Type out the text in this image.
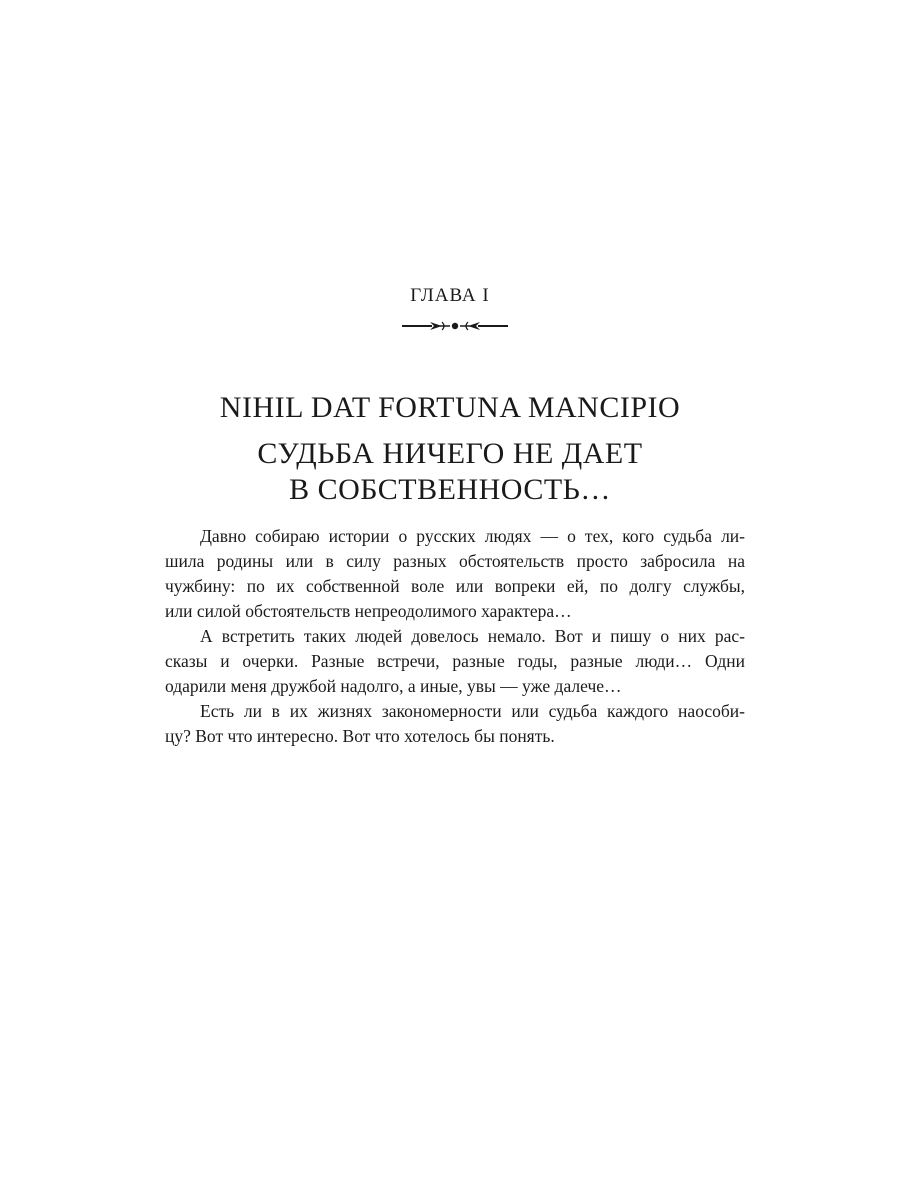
ГЛАВА I
NIHIL DAT FORTUNA MANCIPIO
СУДЬБА НИЧЕГО НЕ ДАЕТ
В СОБСТВЕННОСТЬ…
Давно собираю истории о русских людях — о тех, кого судьба ли-
шила родины или в силу разных обстоятельств просто забросила на
чужбину: по их собственной воле или вопреки ей, по долгу службы,
или силой обстоятельств непреодолимого характера…
А встретить таких людей довелось немало. Вот и пишу о них рас-
сказы и очерки. Разные встречи, разные годы, разные люди… Одни
одарили меня дружбой надолго, а иные, увы — уже далече…
Есть ли в их жизнях закономерности или судьба каждого наособи-
цу? Вот что интересно. Вот что хотелось бы понять.
